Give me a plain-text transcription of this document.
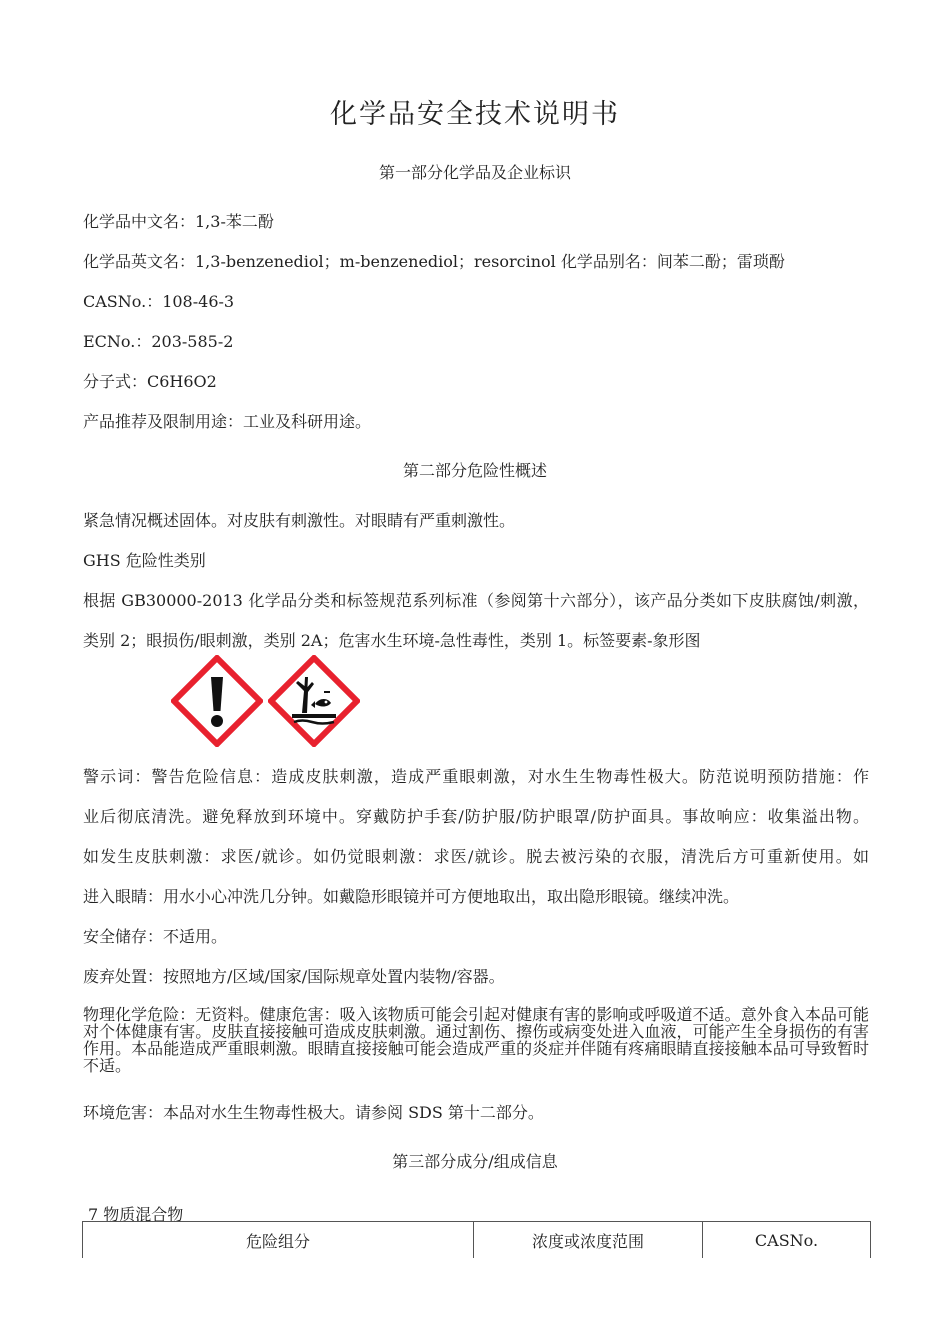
化学品安全技术说明书
第一部分化学品及企业标识
化学品中文名：1,3-苯二酚
化学品英文名：1,3-benzenediol；m-benzenediol；resorcinol 化学品别名：间苯二酚；雷琐酚
CASNo.：108-46-3
ECNo.：203-585-2
分子式：C6H6O2
产品推荐及限制用途：工业及科研用途。
第二部分危险性概述
紧急情况概述固体。对皮肤有刺激性。对眼睛有严重刺激性。
GHS 危险性类别
根据 GB30000-2013 化学品分类和标签规范系列标准（参阅第十六部分），该产品分类如下皮肤腐蚀/刺激，
类别 2；眼损伤/眼刺激，类别 2A；危害水生环境-急性毒性，类别 1。标签要素-象形图
警示词：警告危险信息：造成皮肤刺激，造成严重眼刺激，对水生生物毒性极大。防范说明预防措施：作
业后彻底清洗。避免释放到环境中。穿戴防护手套/防护服/防护眼罩/防护面具。事故响应：收集溢出物。
如发生皮肤刺激：求医/就诊。如仍觉眼刺激：求医/就诊。脱去被污染的衣服，清洗后方可重新使用。如
进入眼睛：用水小心冲洗几分钟。如戴隐形眼镜并可方便地取出，取出隐形眼镜。继续冲洗。
安全储存：不适用。
废弃处置：按照地方/区域/国家/国际规章处置内装物/容器。
物理化学危险：无资料。健康危害：吸入该物质可能会引起对健康有害的影响或呼吸道不适。意外食入本品可能对个体健康有害。皮肤直接接触可造成皮肤刺激。通过割伤、擦伤或病变处进入血液，可能产生全身损伤的有害作用。本品能造成严重眼刺激。眼睛直接接触可能会造成严重的炎症并伴随有疼痛眼睛直接接触本品可导致暂时不适。
环境危害：本品对水生生物毒性极大。请参阅 SDS 第十二部分。
第三部分成分/组成信息
7 物质混合物
危险组分	浓度或浓度范围	CASNo.
